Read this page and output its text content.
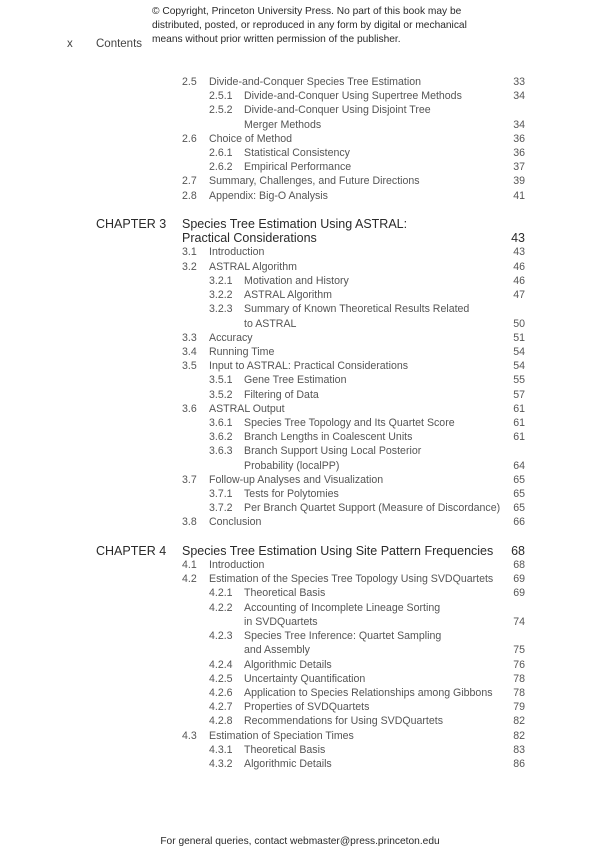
© Copyright, Princeton University Press. No part of this book may be
distributed, posted, or reproduced in any form by digital or mechanical
means without prior written permission of the publisher.
x Contents
2.5 Divide-and-Conquer Species Tree Estimation	33
2.5.1 Divide-and-Conquer Using Supertree Methods	34
2.5.2 Divide-and-Conquer Using Disjoint Tree
Merger Methods	34
2.6 Choice of Method	36
2.6.1 Statistical Consistency	36
2.6.2 Empirical Performance	37
2.7 Summary, Challenges, and Future Directions	39
2.8 Appendix: Big-O Analysis	41
CHAPTER 3 Species Tree Estimation Using ASTRAL:
Practical Considerations	43
3.1 Introduction	43
3.2 ASTRAL Algorithm	46
3.2.1 Motivation and History	46
3.2.2 ASTRAL Algorithm	47
3.2.3 Summary of Known Theoretical Results Related
to ASTRAL	50
3.3 Accuracy	51
3.4 Running Time	54
3.5 Input to ASTRAL: Practical Considerations	54
3.5.1 Gene Tree Estimation	55
3.5.2 Filtering of Data	57
3.6 ASTRAL Output	61
3.6.1 Species Tree Topology and Its Quartet Score	61
3.6.2 Branch Lengths in Coalescent Units	61
3.6.3 Branch Support Using Local Posterior
Probability (localPP)	64
3.7 Follow-up Analyses and Visualization	65
3.7.1 Tests for Polytomies	65
3.7.2 Per Branch Quartet Support (Measure of Discordance) 65
3.8 Conclusion	66
CHAPTER 4 Species Tree Estimation Using Site Pattern Frequencies 68
4.1 Introduction	68
4.2 Estimation of the Species Tree Topology Using SVDQuartets 69
4.2.1 Theoretical Basis	69
4.2.2 Accounting of Incomplete Lineage Sorting
in SVDQuartets	74
4.2.3 Species Tree Inference: Quartet Sampling
and Assembly	75
4.2.4 Algorithmic Details	76
4.2.5 Uncertainty Quantification	78
4.2.6 Application to Species Relationships among Gibbons 78
4.2.7 Properties of SVDQuartets	79
4.2.8 Recommendations for Using SVDQuartets	82
4.3 Estimation of Speciation Times	82
4.3.1 Theoretical Basis	83
4.3.2 Algorithmic Details	86
For general queries, contact webmaster@press.princeton.edu
